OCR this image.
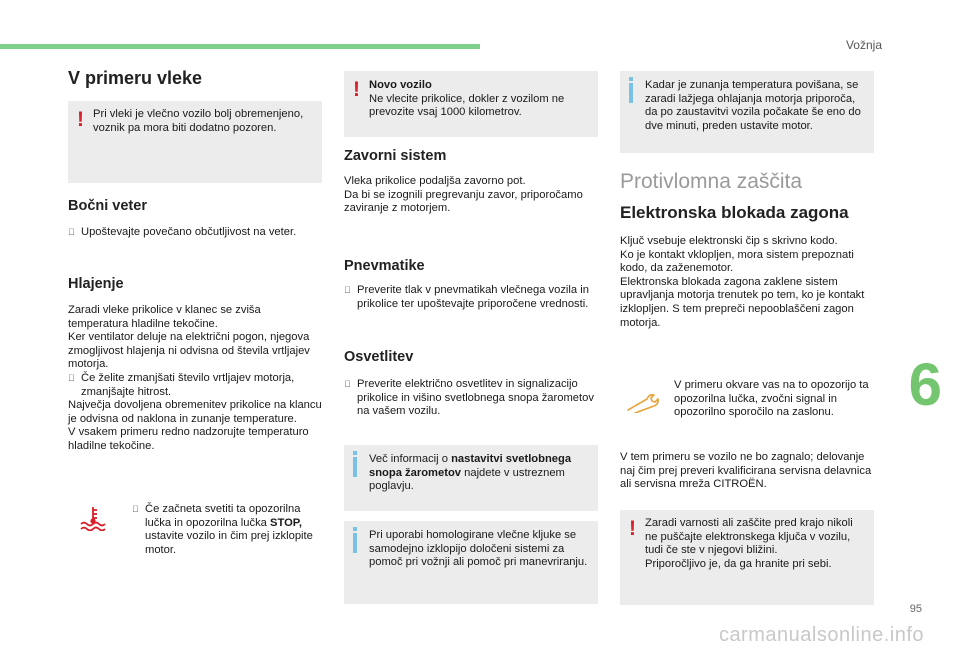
Vožnja
6
95
carmanualsonline.info
V primeru vleke
! Pri vleki je vlečno vozilo bolj obremenjeno, voznik pa mora biti dodatno pozoren.
Bočni veter
Upoštevajte povečano občutljivost na veter.
Hlajenje

Zaradi vleke prikolice v klanec se zviša temperatura hladilne tekočine.

Ker ventilator deluje na električni pogon, njegova zmogljivost hlajenja ni odvisna od števila vrtljajev motorja.

Če želite zmanjšati število vrtljajev motorja, zmanjšajte hitrost.

Največja dovoljena obremenitev prikolice na klancu je odvisna od naklona in zunanje temperature.

V vsakem primeru redno nadzorujte temperaturo hladilne tekočine.

Če začneta svetiti ta opozorilna lučka in opozorilna lučka STOP, ustavite vozilo in čim prej izklopite motor.
! Novo vozilo

Ne vlecite prikolice, dokler z vozilom ne prevozite vsaj 1000 kilometrov.

Zavorni sistem

Vleka prikolice podaljša zavorno pot.

Da bi se izognili pregrevanju zavor, priporočamo zaviranje z motorjem.

Pnevmatike
Preverite tlak v pnevmatikah vlečnega vozila in prikolice ter upoštevajte priporočene vrednosti.
Osvetlitev
Preverite električno osvetlitev in signalizacijo prikolice in višino svetlobnega snopa žarometov na vašem vozilu.
Več informacij o nastavitvi svetlobnega snopa žarometov najdete v ustreznem poglavju.
Pri uporabi homologirane vlečne kljuke se samodejno izklopijo določeni sistemi za pomoč pri vožnji ali pomoč pri manevriranju.
Kadar je zunanja temperatura povišana, se zaradi lažjega ohlajanja motorja priporoča, da po zaustavitvi vozila počakate še eno do dve minuti, preden ustavite motor.
Protivlomna zaščita
Elektronska blokada zagona

Ključ vsebuje elektronski čip s skrivno kodo.

Ko je kontakt vklopljen, mora sistem prepoznati kodo, da zaženemotor.

Elektronska blokada zagona zaklene sistem upravljanja motorja trenutek po tem, ko je kontakt izklopljen. S tem prepreči nepooblaščeni zagon motorja.

V primeru okvare vas na to opozorijo ta opozorilna lučka, zvočni signal in opozorilno sporočilo na zaslonu.
V tem primeru se vozilo ne bo zagnalo; delovanje naj čim prej preveri kvalificirana servisna delavnica ali servisna mreža CITROËN.
! Zaradi varnosti ali zaščite pred krajo nikoli ne puščajte elektronskega ključa v vozilu, tudi če ste v njegovi bližini.

Priporočljivo je, da ga hranite pri sebi.
